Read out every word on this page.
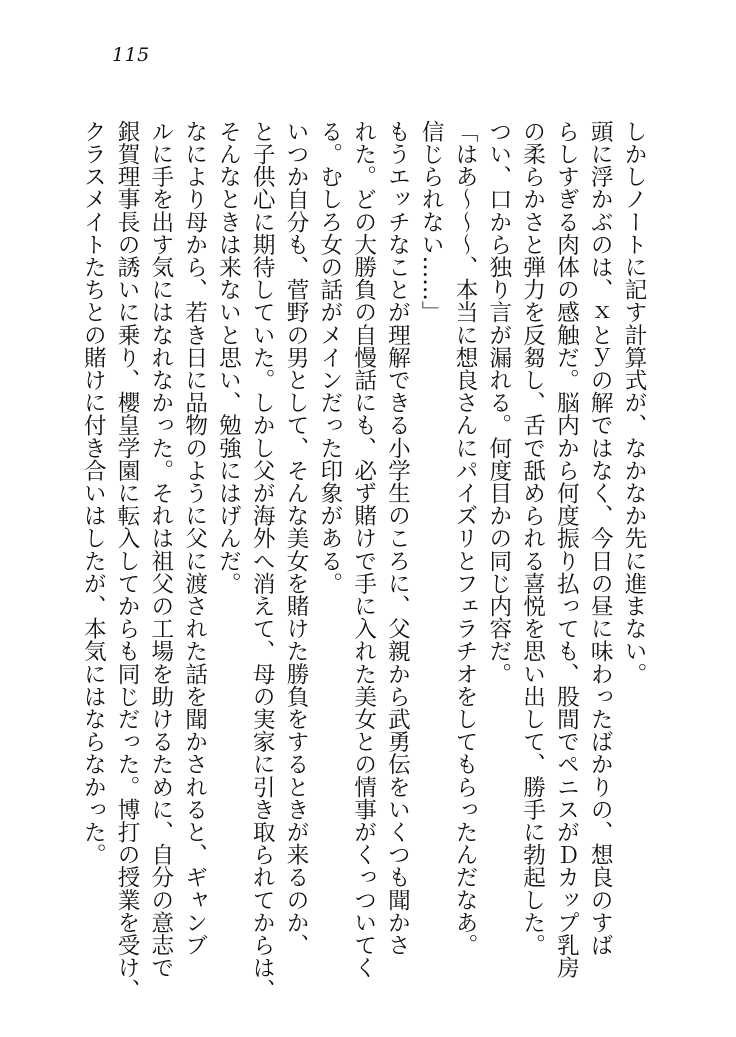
115

しかしノートに記す計算式が、なかなか先に進まない。

頭に浮かぶのは、ｘとｙの解ではなく、今日の昼に味わったばかりの、想良のすば

らしすぎる肉体の感触だ。脳内から何度振り払っても、股間でペニスがＤカップ乳房

の柔らかさと弾力を反芻し、舌で舐められる喜悦を思い出して、勝手に勃起した。

つい、口から独り言が漏れる。何度目かの同じ内容だ。

「はあ〜〜〜、本当に想良さんにパイズリとフェラチオをしてもらったんだなあ。

信じられない……」

もうエッチなことが理解できる小学生のころに、父親から武勇伝をいくつも聞かさ

れた。どの大勝負の自慢話にも、必ず賭けで手に入れた美女との情事がくっついてく

る。むしろ女の話がメインだった印象がある。

いつか自分も、菅野の男として、そんな美女を賭けた勝負をするときが来るのか、

と子供心に期待していた。しかし父が海外へ消えて、母の実家に引き取られてからは、

そんなときは来ないと思い、勉強にはげんだ。

なにより母から、若き日に品物のように父に渡された話を聞かされると、ギャンブ

ルに手を出す気にはなれなかった。それは祖父の工場を助けるために、自分の意志で

銀賀理事長の誘いに乗り、櫻皇学園に転入してからも同じだった。博打の授業を受け、

クラスメイトたちとの賭けに付き合いはしたが、本気にはならなかった。
